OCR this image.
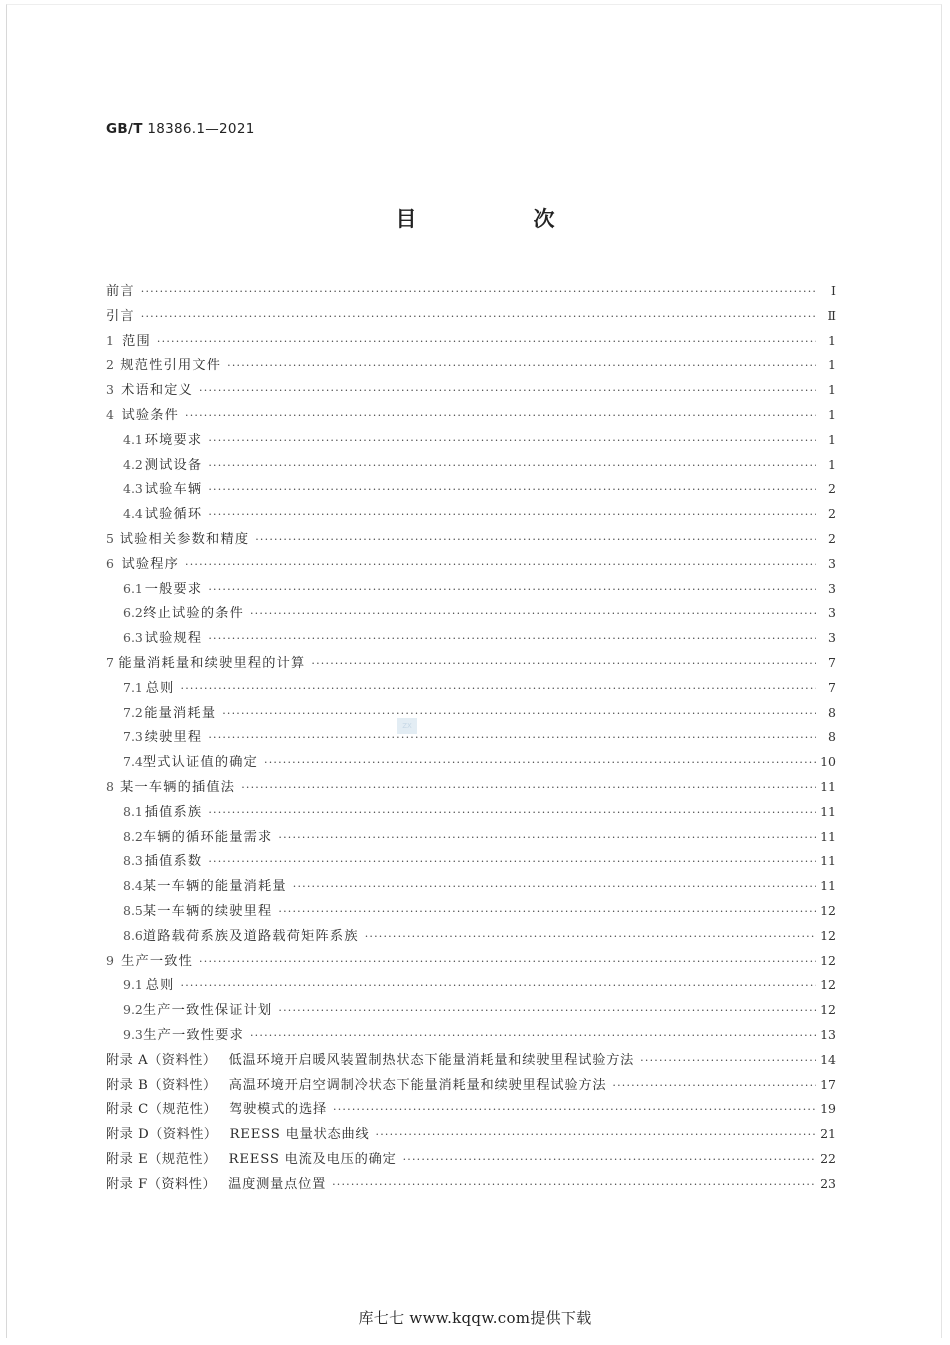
GB/T 18386.1—2021
目　次
前言 ·····	Ⅰ
引言 ·····	Ⅱ
1 范围 ·····	1
2 规范性引用文件 ·····	1
3 术语和定义 ·····	1
4 试验条件 ·····	1
4.1 环境要求 ·····	1
4.2 测试设备 ·····	1
4.3 试验车辆 ·····	2
4.4 试验循环 ·····	2
5 试验相关参数和精度 ·····	2
6 试验程序 ·····	3
6.1 一般要求 ·····	3
6.2 终止试验的条件 ·····	3
6.3 试验规程 ·····	3
7 能量消耗量和续驶里程的计算 ·····	7
7.1 总则 ·····	7
7.2 能量消耗量 ·····	8
7.3 续驶里程 ·····	8
7.4 型式认证值的确定 ·····	10
8 某一车辆的插值法 ·····	11
8.1 插值系族 ·····	11
8.2 车辆的循环能量需求 ·····	11
8.3 插值系数 ·····	11
8.4 某一车辆的能量消耗量 ·····	11
8.5 某一车辆的续驶里程 ·····	12
8.6 道路载荷系族及道路载荷矩阵系族 ·····	12
9 生产一致性 ·····	12
9.1 总则 ·····	12
9.2 生产一致性保证计划 ·····	12
9.3 生产一致性要求 ·····	13
附录 A（资料性） 低温环境开启暖风装置制热状态下能量消耗量和续驶里程试验方法 ·····	14
附录 B（资料性） 高温环境开启空调制冷状态下能量消耗量和续驶里程试验方法 ·····	17
附录 C（规范性） 驾驶模式的选择 ·····	19
附录 D（资料性） REESS 电量状态曲线 ·····	21
附录 E（规范性） REESS 电流及电压的确定 ·····	22
附录 F（资料性） 温度测量点位置 ·····	23
ZX
库七七 www.kqqw.com提供下载
